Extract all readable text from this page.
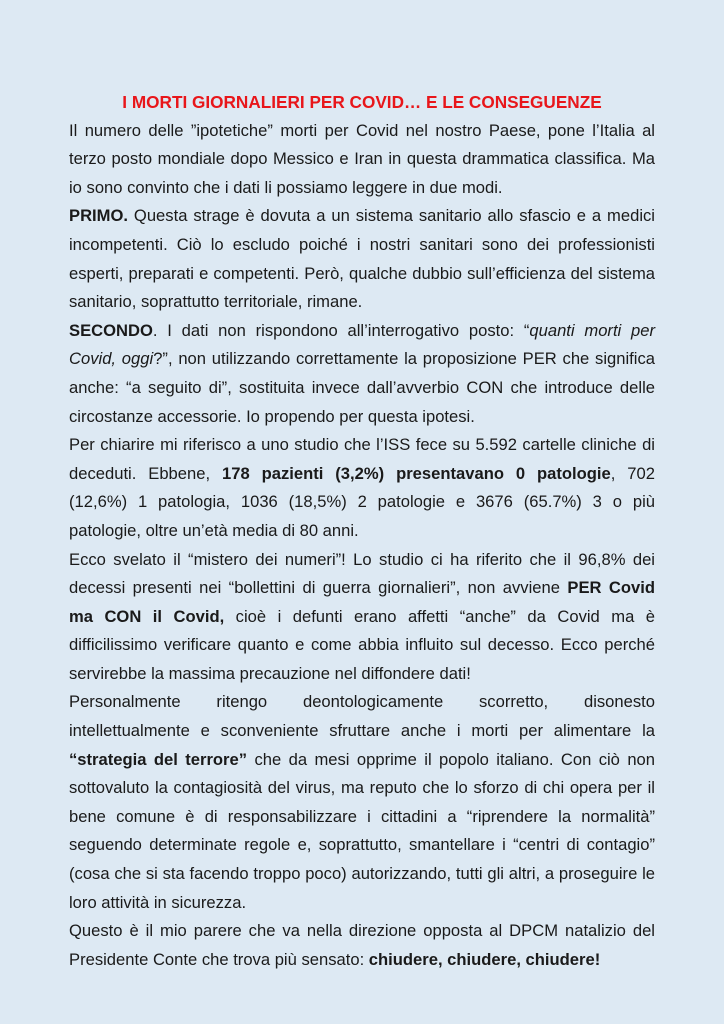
I MORTI GIORNALIERI PER COVID… E LE CONSEGUENZE

Il numero delle ”ipotetiche” morti per Covid nel nostro Paese, pone l’Italia al terzo posto mondiale dopo Messico e Iran in questa drammatica classifica. Ma io sono convinto che i dati li possiamo leggere in due modi.

PRIMO. Questa strage è dovuta a un sistema sanitario allo sfascio e a medici incompetenti. Ciò lo escludo poiché i nostri sanitari sono dei professionisti esperti, preparati e competenti. Però, qualche dubbio sull’efficienza del sistema sanitario, soprattutto territoriale, rimane.

SECONDO. I dati non rispondono all’interrogativo posto: “quanti morti per Covid, oggi?”, non utilizzando correttamente la proposizione PER che significa anche: “a seguito di”, sostituita invece dall’avverbio CON che introduce delle circostanze accessorie. Io propendo per questa ipotesi.

Per chiarire mi riferisco a uno studio che l’ISS fece su 5.592 cartelle cliniche di deceduti. Ebbene, 178 pazienti (3,2%) presentavano 0 patologie, 702 (12,6%) 1 patologia, 1036 (18,5%) 2 patologie e 3676 (65.7%) 3 o più patologie, oltre un’età media di 80 anni.

Ecco svelato il “mistero dei numeri”! Lo studio ci ha riferito che il 96,8% dei decessi presenti nei “bollettini di guerra giornalieri”, non avviene PER Covid ma CON il Covid, cioè i defunti erano affetti “anche” da Covid ma è difficilissimo verificare quanto e come abbia influito sul decesso. Ecco perché servirebbe la massima precauzione nel diffondere dati!

Personalmente ritengo deontologicamente scorretto, disonesto intellettualmente e sconveniente sfruttare anche i morti per alimentare la “strategia del terrore” che da mesi opprime il popolo italiano. Con ciò non sottovaluto la contagiosità del virus, ma reputo che lo sforzo di chi opera per il bene comune è di responsabilizzare i cittadini a “riprendere la normalità” seguendo determinate regole e, soprattutto, smantellare i “centri di contagio” (cosa che si sta facendo troppo poco) autorizzando, tutti gli altri, a proseguire le loro attività in sicurezza.

Questo è il mio parere che va nella direzione opposta al DPCM natalizio del Presidente Conte che trova più sensato: chiudere, chiudere, chiudere!
